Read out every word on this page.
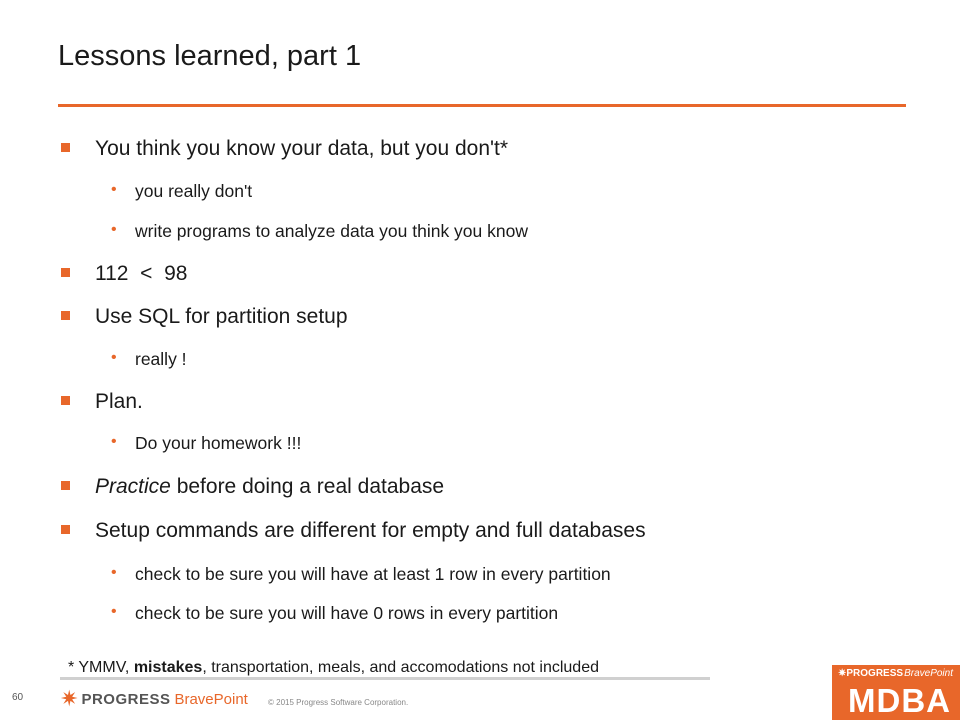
Lessons learned, part 1
You think you know your data, but you don't*
• you really don't
• write programs to analyze data you think you know
112  <  98
Use SQL for partition setup
• really !
Plan.
• Do your homework !!!
Practice before doing a real database
Setup commands are different for empty and full databases
• check to be sure you will have at least 1 row in every partition
• check to be sure you will have 0 rows in every partition
* YMMV, mistakes, transportation, meals, and accomodations not included
60 ✷ PROGRESS BravePoint	© 2015 Progress Software Corporation.
✷PROGRESSBravePoint
MDBA
